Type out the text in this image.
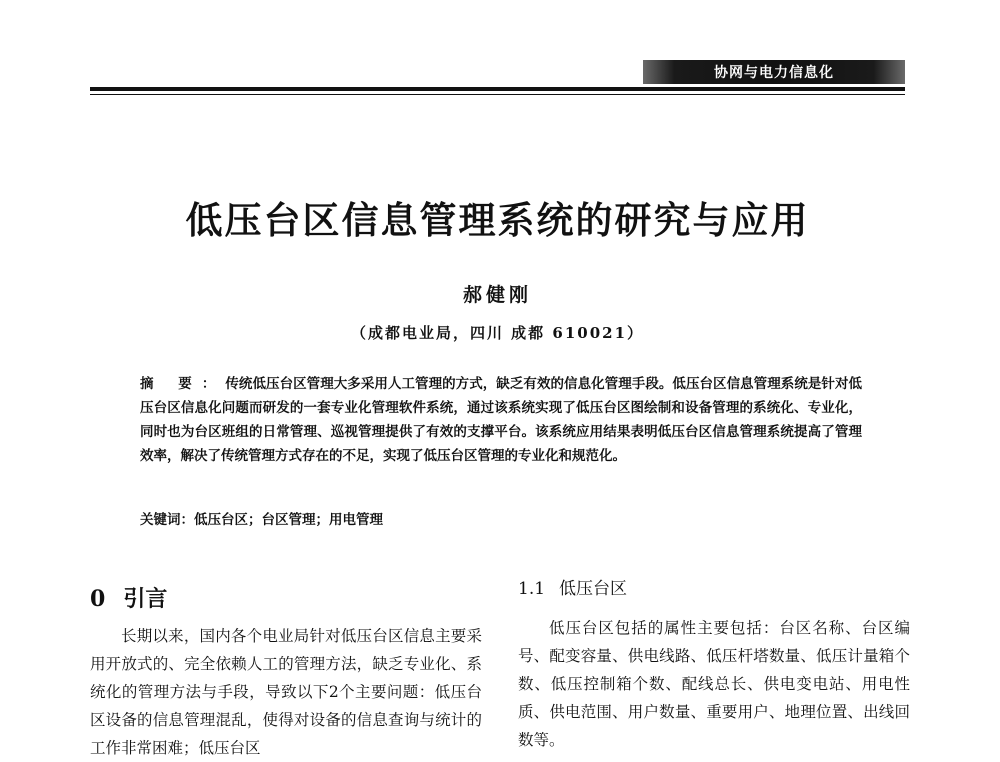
协网与电力信息化
低压台区信息管理系统的研究与应用
郝健刚
（成都电业局，四川 成都 610021）
摘 要：传统低压台区管理大多采用人工管理的方式，缺乏有效的信息化管理手段。低压台区信息管理系统是针对低压台区信息化问题而研发的一套专业化管理软件系统，通过该系统实现了低压台区图绘制和设备管理的系统化、专业化，同时也为台区班组的日常管理、巡视管理提供了有效的支撑平台。该系统应用结果表明低压台区信息管理系统提高了管理效率，解决了传统管理方式存在的不足，实现了低压台区管理的专业化和规范化。
关键词：低压台区；台区管理；用电管理
0 引言

长期以来，国内各个电业局针对低压台区信息主要采用开放式的、完全依赖人工的管理方法，缺乏专业化、系统化的管理方法与手段，导致以下2个主要问题：低压台区设备的信息管理混乱，使得对设备的信息查询与统计的工作非常困难；低压台区

1.1 低压台区

低压台区包括的属性主要包括：台区名称、台区编号、配变容量、供电线路、低压杆塔数量、低压计量箱个数、低压控制箱个数、配线总长、供电变电站、用电性质、供电范围、用户数量、重要用户、地理位置、出线回数等。
